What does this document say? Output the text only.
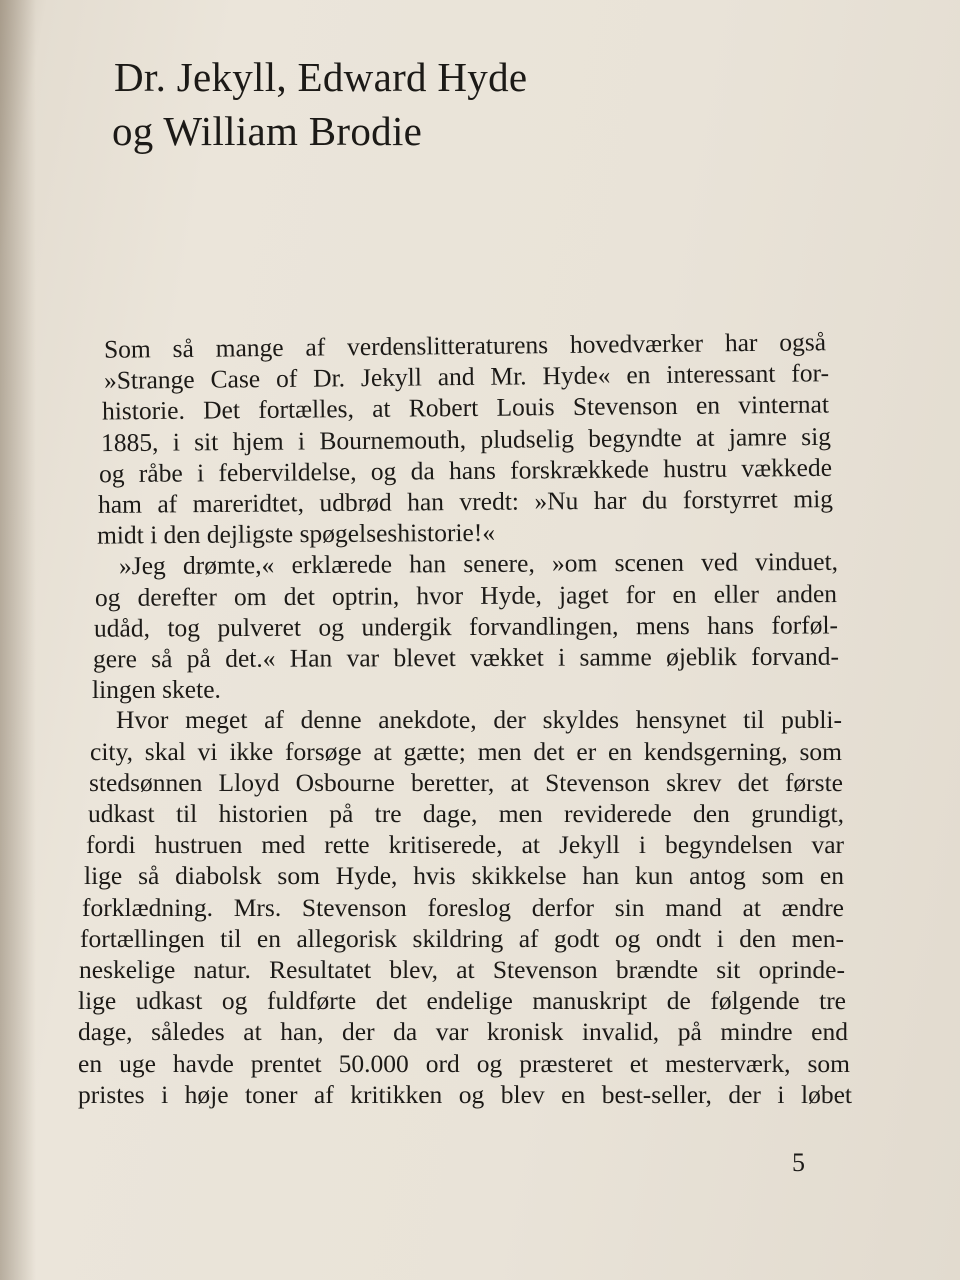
Dr. Jekyll, Edward Hyde
og William Brodie

Som så mange af verdenslitteraturens hovedværker har også
»Strange Case of Dr. Jekyll and Mr. Hyde« en interessant for-
historie. Det fortælles, at Robert Louis Stevenson en vinternat
1885, i sit hjem i Bournemouth, pludselig begyndte at jamre sig
og råbe i febervildelse, og da hans forskrækkede hustru vækkede
ham af mareridtet, udbrød han vredt: »Nu har du forstyrret mig
midt i den dejligste spøgelseshistorie!«

»Jeg drømte,« erklærede han senere, »om scenen ved vinduet,
og derefter om det optrin, hvor Hyde, jaget for en eller anden
udåd, tog pulveret og undergik forvandlingen, mens hans forføl-
gere så på det.« Han var blevet vækket i samme øjeblik forvand-
lingen skete.

Hvor meget af denne anekdote, der skyldes hensynet til publi-
city, skal vi ikke forsøge at gætte; men det er en kendsgerning, som
stedsønnen Lloyd Osbourne beretter, at Stevenson skrev det første
udkast til historien på tre dage, men reviderede den grundigt,
fordi hustruen med rette kritiserede, at Jekyll i begyndelsen var
lige så diabolsk som Hyde, hvis skikkelse han kun antog som en
forklædning. Mrs. Stevenson foreslog derfor sin mand at ændre
fortællingen til en allegorisk skildring af godt og ondt i den men-
neskelige natur. Resultatet blev, at Stevenson brændte sit oprinde-
lige udkast og fuldførte det endelige manuskript de følgende tre
dage, således at han, der da var kronisk invalid, på mindre end
en uge havde prentet 50.000 ord og præsteret et mesterværk, som
pristes i høje toner af kritikken og blev en best-seller, der i løbet

5
